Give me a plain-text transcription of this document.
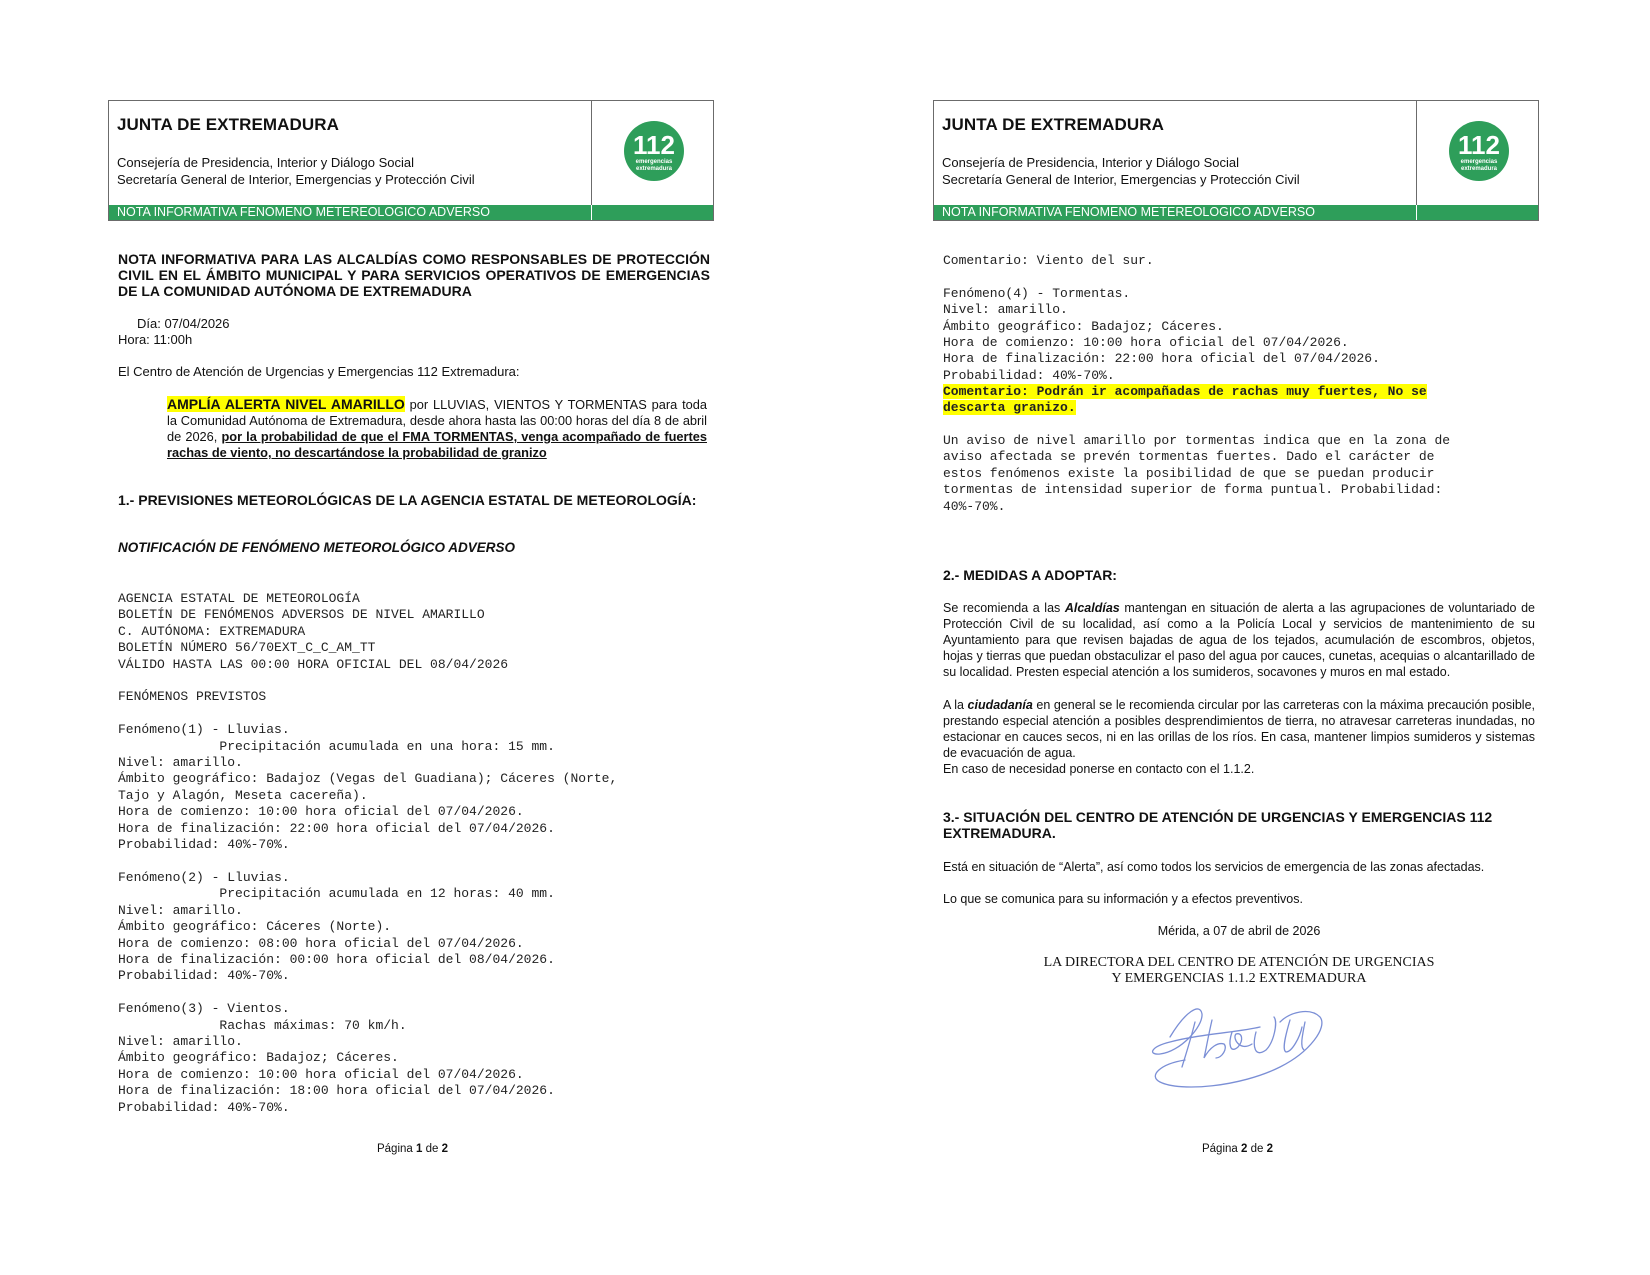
JUNTA DE EXTREMADURA
Consejería de Presidencia, Interior y Diálogo Social
Secretaría General de Interior, Emergencias y Protección Civil
112
emergencias
extremadura
NOTA INFORMATIVA FENOMENO METEREOLOGICO ADVERSO
NOTA INFORMATIVA PARA LAS ALCALDÍAS COMO RESPONSABLES DE PROTECCIÓN CIVIL EN EL ÁMBITO MUNICIPAL Y PARA SERVICIOS OPERATIVOS DE EMERGENCIAS DE LA COMUNIDAD AUTÓNOMA DE EXTREMADURA
Día: 07/04/2026
Hora: 11:00h
El Centro de Atención de Urgencias y Emergencias 112 Extremadura:
AMPLÍA ALERTA NIVEL AMARILLO por LLUVIAS, VIENTOS Y TORMENTAS para toda la Comunidad Autónoma de Extremadura, desde ahora hasta las 00:00 horas del día 8 de abril de 2026, por la probabilidad de que el FMA TORMENTAS, venga acompañado de fuertes rachas de viento, no descartándose la probabilidad de granizo
1.- PREVISIONES METEOROLÓGICAS DE LA AGENCIA ESTATAL DE METEOROLOGÍA:
NOTIFICACIÓN DE FENÓMENO METEOROLÓGICO ADVERSO
AGENCIA ESTATAL DE METEOROLOGÍA
BOLETÍN DE FENÓMENOS ADVERSOS DE NIVEL AMARILLO
C. AUTÓNOMA: EXTREMADURA
BOLETÍN NÚMERO 56/70EXT_C_C_AM_TT
VÁLIDO HASTA LAS 00:00 HORA OFICIAL DEL 08/04/2026

FENÓMENOS PREVISTOS

Fenómeno(1) - Lluvias.
Precipitación acumulada en una hora: 15 mm.
Nivel: amarillo.
Ámbito geográfico: Badajoz (Vegas del Guadiana); Cáceres (Norte,
Tajo y Alagón, Meseta cacereña).
Hora de comienzo: 10:00 hora oficial del 07/04/2026.
Hora de finalización: 22:00 hora oficial del 07/04/2026.
Probabilidad: 40%-70%.

Fenómeno(2) - Lluvias.
Precipitación acumulada en 12 horas: 40 mm.
Nivel: amarillo.
Ámbito geográfico: Cáceres (Norte).
Hora de comienzo: 08:00 hora oficial del 07/04/2026.
Hora de finalización: 00:00 hora oficial del 08/04/2026.
Probabilidad: 40%-70%.

Fenómeno(3) - Vientos.
Rachas máximas: 70 km/h.
Nivel: amarillo.
Ámbito geográfico: Badajoz; Cáceres.
Hora de comienzo: 10:00 hora oficial del 07/04/2026.
Hora de finalización: 18:00 hora oficial del 07/04/2026.
Probabilidad: 40%-70%.
Página 1 de 2
JUNTA DE EXTREMADURA
Consejería de Presidencia, Interior y Diálogo Social
Secretaría General de Interior, Emergencias y Protección Civil
112
emergencias
extremadura
NOTA INFORMATIVA FENOMENO METEREOLOGICO ADVERSO
Comentario: Viento del sur.

Fenómeno(4) - Tormentas.
Nivel: amarillo.
Ámbito geográfico: Badajoz; Cáceres.
Hora de comienzo: 10:00 hora oficial del 07/04/2026.
Hora de finalización: 22:00 hora oficial del 07/04/2026.
Probabilidad: 40%-70%.
Comentario: Podrán ir acompañadas de rachas muy fuertes, No se
descarta granizo.
Un aviso de nivel amarillo por tormentas indica que en la zona de
aviso afectada se prevén tormentas fuertes. Dado el carácter de
estos fenómenos existe la posibilidad de que se puedan producir
tormentas de intensidad superior de forma puntual. Probabilidad:
40%-70%.
2.- MEDIDAS A ADOPTAR:
Se recomienda a las Alcaldías mantengan en situación de alerta a las agrupaciones de voluntariado de Protección Civil de su localidad, así como a la Policía Local y servicios de mantenimiento de su Ayuntamiento para que revisen bajadas de agua de los tejados, acumulación de escombros, objetos, hojas y tierras que puedan obstaculizar el paso del agua por cauces, cunetas, acequias o alcantarillado de su localidad. Presten especial atención a los sumideros, socavones y muros en mal estado.
A la ciudadanía en general se le recomienda circular por las carreteras con la máxima precaución posible, prestando especial atención a posibles desprendimientos de tierra, no atravesar carreteras inundadas, no estacionar en cauces secos, ni en las orillas de los ríos. En casa, mantener limpios sumideros y sistemas de evacuación de agua.
En caso de necesidad ponerse en contacto con el 1.1.2.
3.- SITUACIÓN DEL CENTRO DE ATENCIÓN DE URGENCIAS Y EMERGENCIAS 112 EXTREMADURA.
Está en situación de “Alerta”, así como todos los servicios de emergencia de las zonas afectadas.
Lo que se comunica para su información y a efectos preventivos.
Mérida, a 07 de abril de 2026
LA DIRECTORA DEL CENTRO DE ATENCIÓN DE URGENCIAS
Y EMERGENCIAS 1.1.2 EXTREMADURA
Página 2 de 2
